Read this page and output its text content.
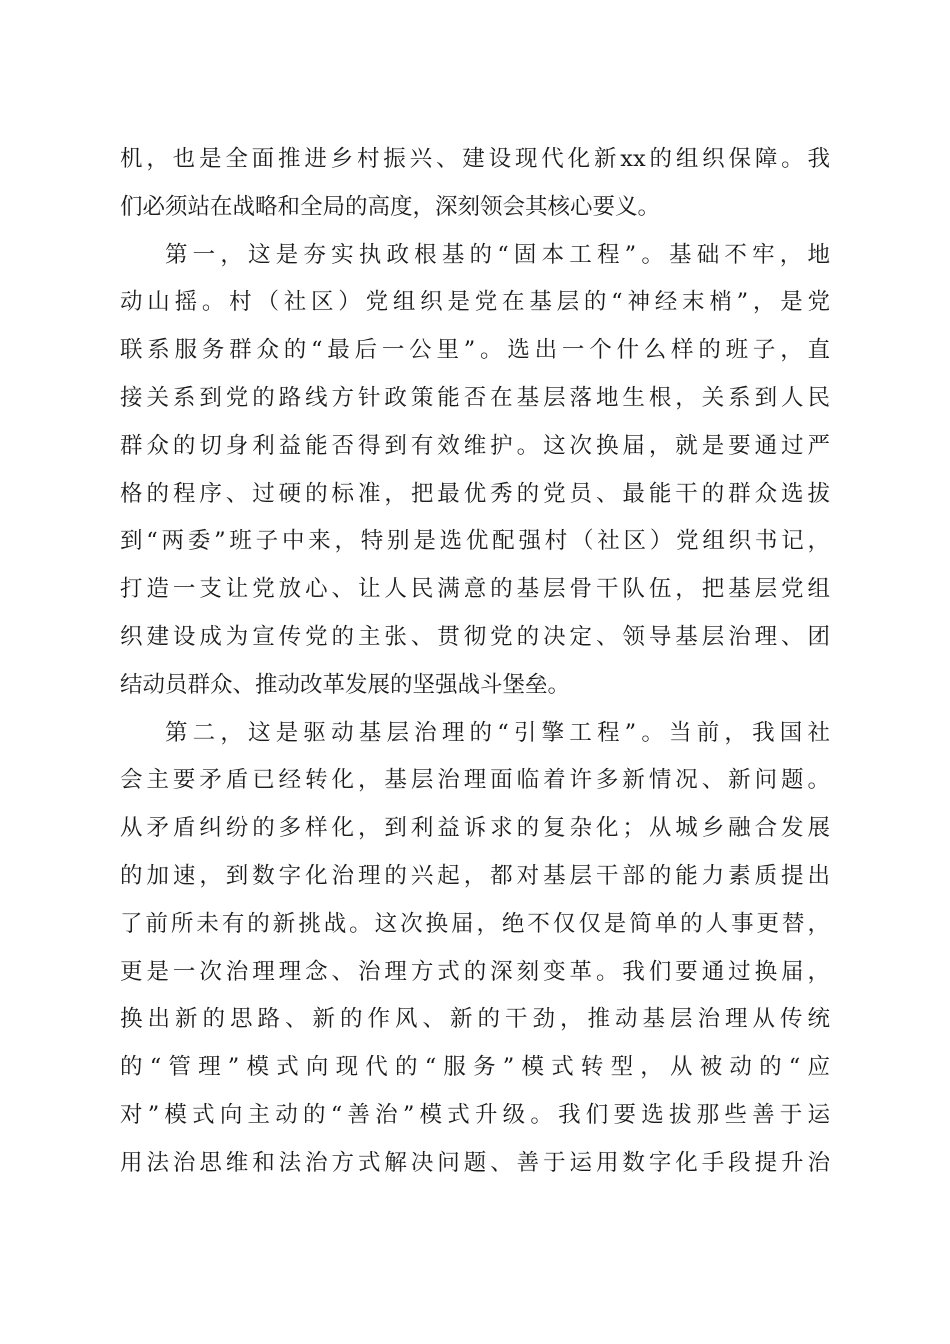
机，也是全面推进乡村振兴、建设现代化新xx的组织保障。我
们必须站在战略和全局的高度，深刻领会其核心要义。
第一，这是夯实执政根基的“固本工程”。基础不牢，地
动山摇。村（社区）党组织是党在基层的“神经末梢”，是党
联系服务群众的“最后一公里”。选出一个什么样的班子，直
接关系到党的路线方针政策能否在基层落地生根，关系到人民
群众的切身利益能否得到有效维护。这次换届，就是要通过严
格的程序、过硬的标准，把最优秀的党员、最能干的群众选拔
到“两委”班子中来，特别是选优配强村（社区）党组织书记，
打造一支让党放心、让人民满意的基层骨干队伍，把基层党组
织建设成为宣传党的主张、贯彻党的决定、领导基层治理、团
结动员群众、推动改革发展的坚强战斗堡垒。
第二，这是驱动基层治理的“引擎工程”。当前，我国社
会主要矛盾已经转化，基层治理面临着许多新情况、新问题。
从矛盾纠纷的多样化，到利益诉求的复杂化；从城乡融合发展
的加速，到数字化治理的兴起，都对基层干部的能力素质提出
了前所未有的新挑战。这次换届，绝不仅仅是简单的人事更替，
更是一次治理理念、治理方式的深刻变革。我们要通过换届，
换出新的思路、新的作风、新的干劲，推动基层治理从传统
的“管理”模式向现代的“服务”模式转型，从被动的“应
对”模式向主动的“善治”模式升级。我们要选拔那些善于运
用法治思维和法治方式解决问题、善于运用数字化手段提升治
